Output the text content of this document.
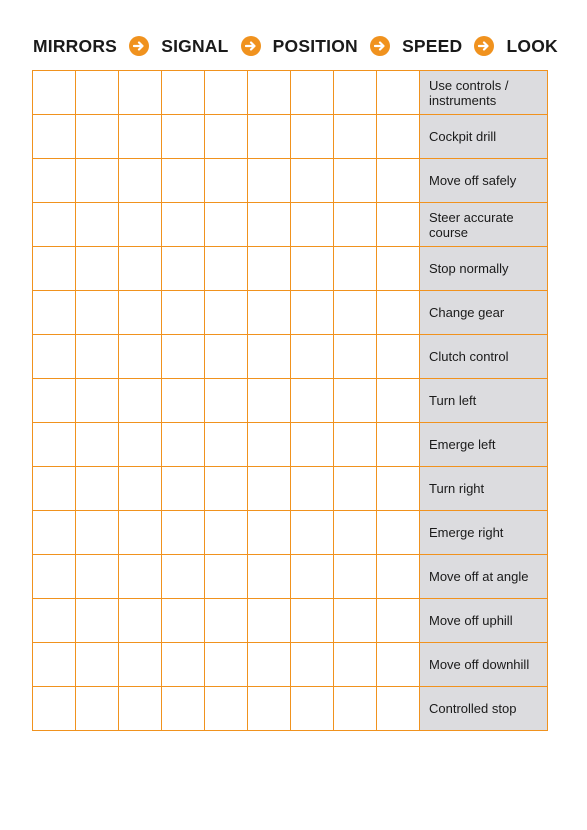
MIRRORS	SIGNAL	POSITION	SPEED	LOOK
									Use controls / instruments
									Cockpit drill
									Move off safely
									Steer accurate course
									Stop normally
									Change gear
									Clutch control
									Turn left
									Emerge left
									Turn right
									Emerge right
									Move off at angle
									Move off uphill
									Move off downhill
									Controlled stop
